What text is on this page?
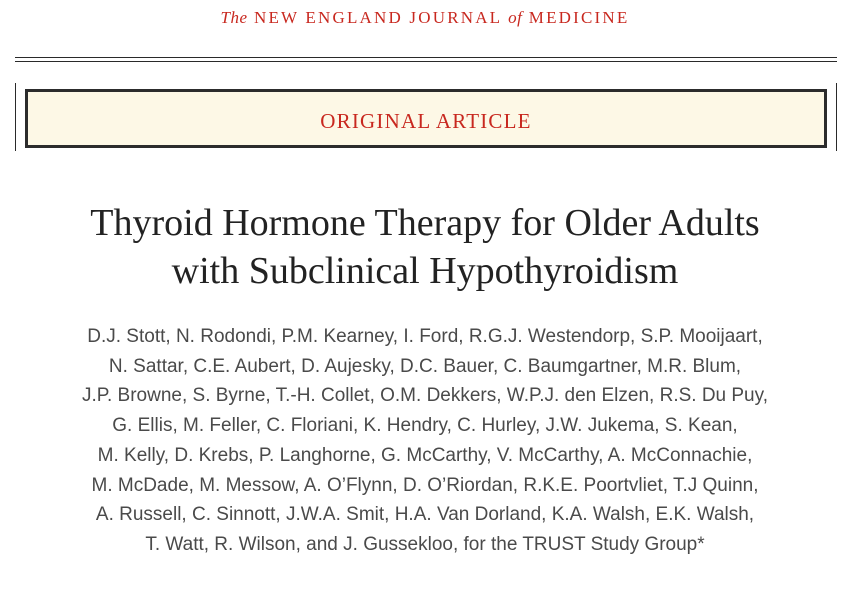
The NEW ENGLAND JOURNAL of MEDICINE
ORIGINAL ARTICLE
Thyroid Hormone Therapy for Older Adults
with Subclinical Hypothyroidism
D.J. Stott, N. Rodondi, P.M. Kearney, I. Ford, R.G.J. Westendorp, S.P. Mooijaart,
N. Sattar, C.E. Aubert, D. Aujesky, D.C. Bauer, C. Baumgartner, M.R. Blum,
J.P. Browne, S. Byrne, T.-H. Collet, O.M. Dekkers, W.P.J. den Elzen, R.S. Du Puy,
G. Ellis, M. Feller, C. Floriani, K. Hendry, C. Hurley, J.W. Jukema, S. Kean,
M. Kelly, D. Krebs, P. Langhorne, G. McCarthy, V. McCarthy, A. McConnachie,
M. McDade, M. Messow, A. O’Flynn, D. O’Riordan, R.K.E. Poortvliet, T.J Quinn,
A. Russell, C. Sinnott, J.W.A. Smit, H.A. Van Dorland, K.A. Walsh, E.K. Walsh,
T. Watt, R. Wilson, and J. Gussekloo, for the TRUST Study Group*
